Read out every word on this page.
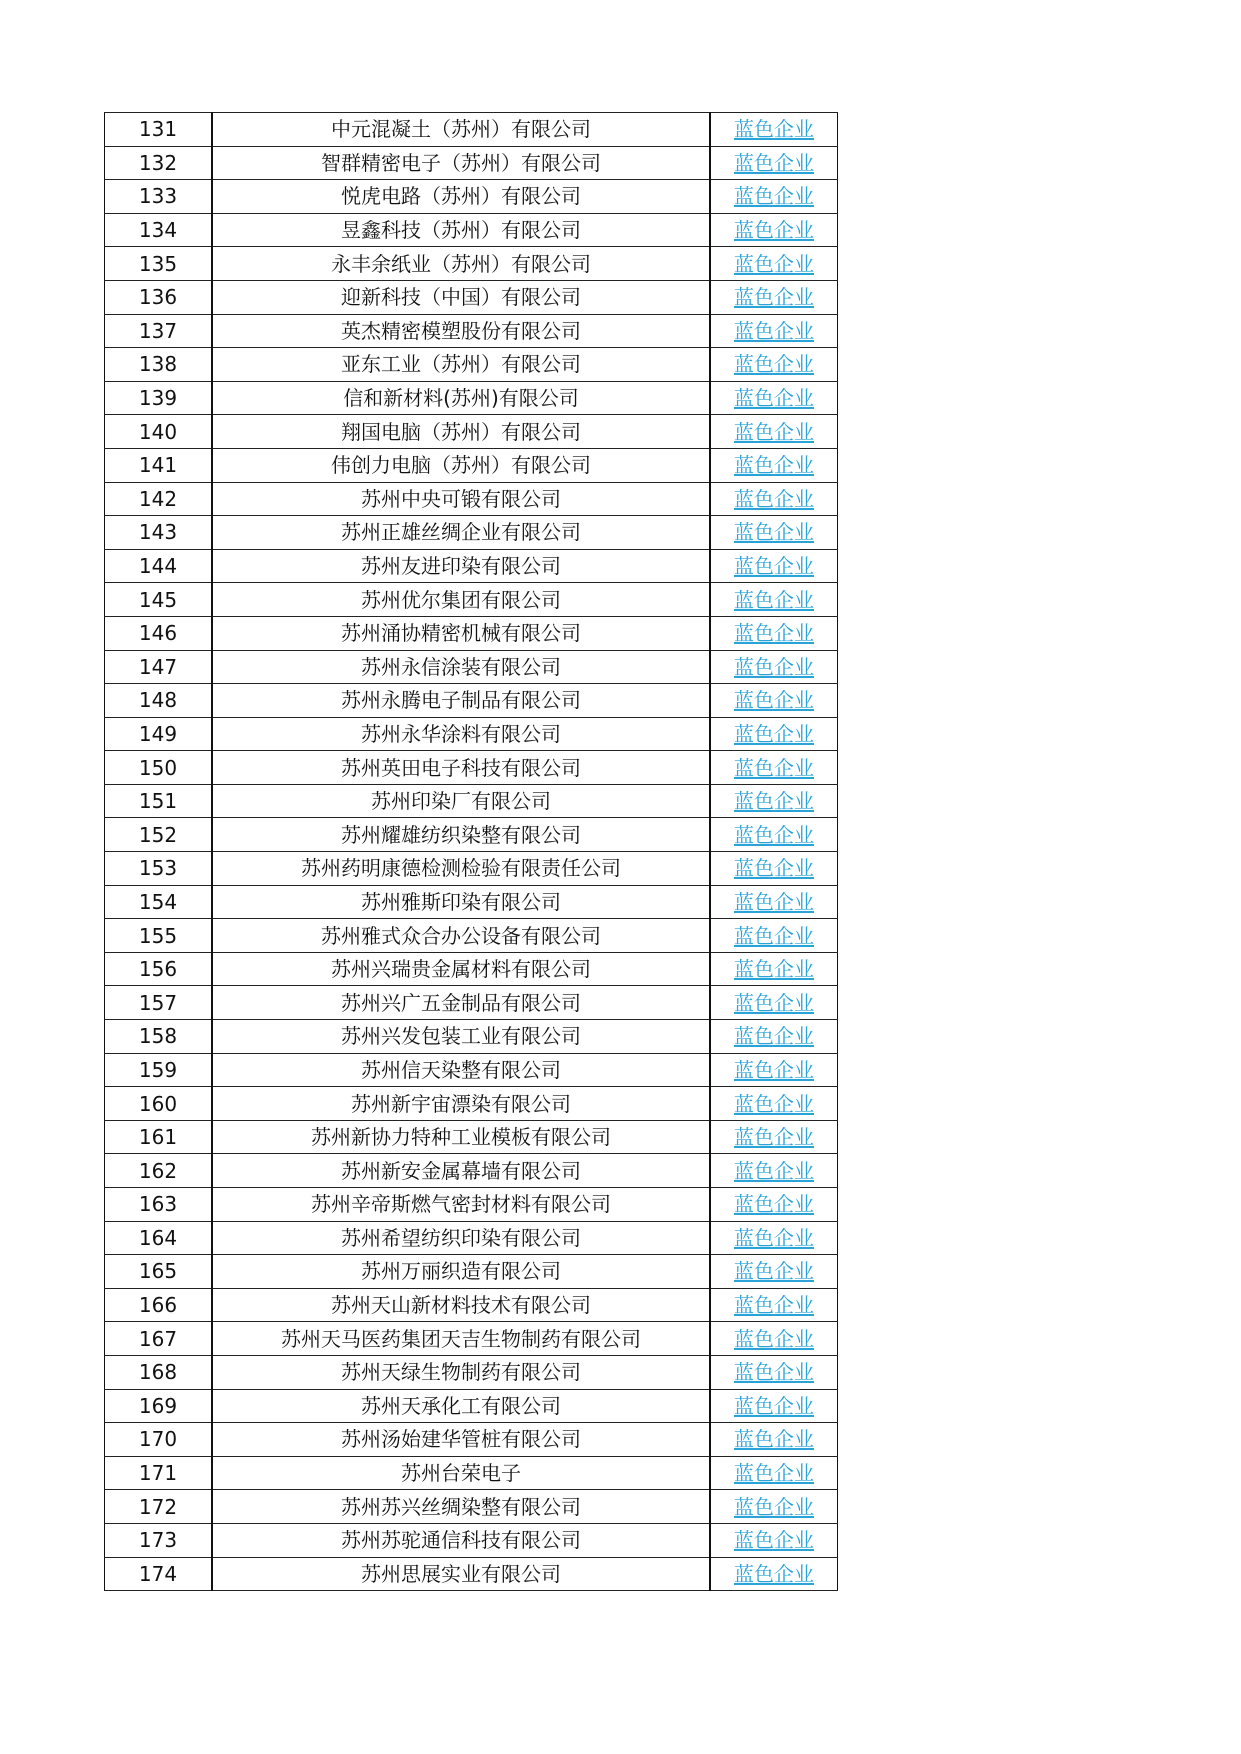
131	中元混凝土（苏州）有限公司	蓝色企业
132	智群精密电子（苏州）有限公司	蓝色企业
133	悦虎电路（苏州）有限公司	蓝色企业
134	昱鑫科技（苏州）有限公司	蓝色企业
135	永丰余纸业（苏州）有限公司	蓝色企业
136	迎新科技（中国）有限公司	蓝色企业
137	英杰精密模塑股份有限公司	蓝色企业
138	亚东工业（苏州）有限公司	蓝色企业
139	信和新材料(苏州)有限公司	蓝色企业
140	翔国电脑（苏州）有限公司	蓝色企业
141	伟创力电脑（苏州）有限公司	蓝色企业
142	苏州中央可锻有限公司	蓝色企业
143	苏州正雄丝绸企业有限公司	蓝色企业
144	苏州友进印染有限公司	蓝色企业
145	苏州优尔集团有限公司	蓝色企业
146	苏州涌协精密机械有限公司	蓝色企业
147	苏州永信涂装有限公司	蓝色企业
148	苏州永腾电子制品有限公司	蓝色企业
149	苏州永华涂料有限公司	蓝色企业
150	苏州英田电子科技有限公司	蓝色企业
151	苏州印染厂有限公司	蓝色企业
152	苏州耀雄纺织染整有限公司	蓝色企业
153	苏州药明康德检测检验有限责任公司	蓝色企业
154	苏州雅斯印染有限公司	蓝色企业
155	苏州雅式众合办公设备有限公司	蓝色企业
156	苏州兴瑞贵金属材料有限公司	蓝色企业
157	苏州兴广五金制品有限公司	蓝色企业
158	苏州兴发包装工业有限公司	蓝色企业
159	苏州信天染整有限公司	蓝色企业
160	苏州新宇宙漂染有限公司	蓝色企业
161	苏州新协力特种工业模板有限公司	蓝色企业
162	苏州新安金属幕墙有限公司	蓝色企业
163	苏州辛帝斯燃气密封材料有限公司	蓝色企业
164	苏州希望纺织印染有限公司	蓝色企业
165	苏州万丽织造有限公司	蓝色企业
166	苏州天山新材料技术有限公司	蓝色企业
167	苏州天马医药集团天吉生物制药有限公司	蓝色企业
168	苏州天绿生物制药有限公司	蓝色企业
169	苏州天承化工有限公司	蓝色企业
170	苏州汤始建华管桩有限公司	蓝色企业
171	苏州台荣电子	蓝色企业
172	苏州苏兴丝绸染整有限公司	蓝色企业
173	苏州苏驼通信科技有限公司	蓝色企业
174	苏州思展实业有限公司	蓝色企业
